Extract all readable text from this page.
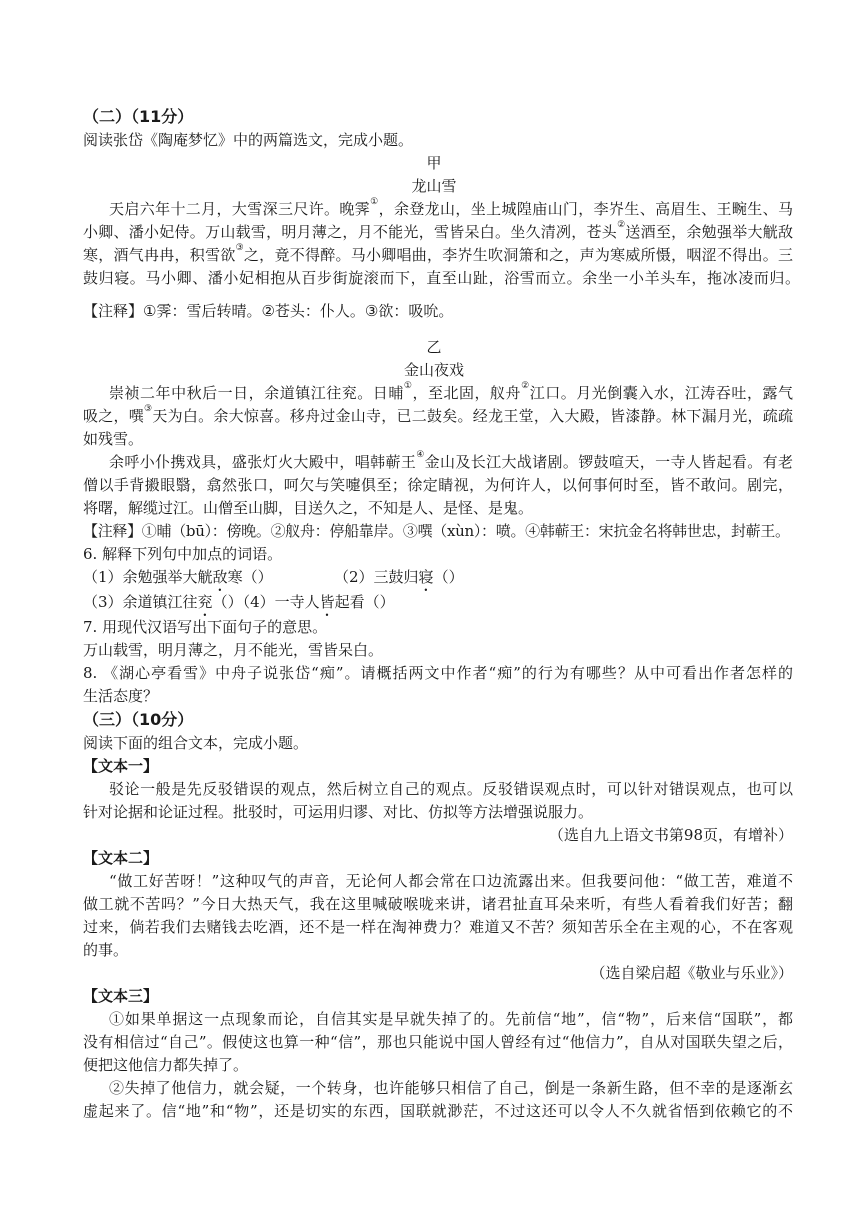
（二）（11分）
阅读张岱《陶庵梦忆》中的两篇选文，完成小题。
甲
龙山雪
天启六年十二月，大雪深三尺许。晚霁①，余登龙山，坐上城隍庙山门，李岕生、高眉生、王畹生、马
小卿、潘小妃侍。万山载雪，明月薄之，月不能光，雪皆呆白。坐久清冽，苍头②送酒至，余勉强举大觥敌
寒，酒气冉冉，积雪欲③之，竟不得醉。马小卿唱曲，李岕生吹洞箫和之，声为寒威所慑，咽涩不得出。三
鼓归寝。马小卿、潘小妃相抱从百步街旋滚而下，直至山趾，浴雪而立。余坐一小羊头车，拖冰凌而归。
【注释】①霁：雪后转晴。②苍头：仆人。③欲：吸吮。
乙
金山夜戏
崇祯二年中秋后一日，余道镇江往兖。日晡①，至北固，舣舟②江口。月光倒囊入水，江涛吞吐，露气
吸之，噀③天为白。余大惊喜。移舟过金山寺，已二鼓矣。经龙王堂，入大殿，皆漆静。林下漏月光，疏疏
如残雪。
余呼小仆携戏具，盛张灯火大殿中，唱韩蕲王④金山及长江大战诸剧。锣鼓喧天，一寺人皆起看。有老
僧以手背摋眼翳，翕然张口，呵欠与笑嚏俱至；徐定睛视，为何许人，以何事何时至，皆不敢问。剧完，
将曙，解缆过江。山僧至山脚，目送久之，不知是人、是怪、是鬼。
【注释】①晡（bū）：傍晚。②舣舟：停船靠岸。③噀（xùn）：喷。④韩蕲王：宋抗金名将韩世忠，封蕲王。
6. 解释下列句中加点的词语。
（1）余勉强举大觥敌寒（）	（2）三鼓归寝（）
（3）余道镇江往兖（）（4）一寺人皆起看（）
7. 用现代汉语写出下面句子的意思。
万山载雪，明月薄之，月不能光，雪皆呆白。
8. 《湖心亭看雪》中舟子说张岱“痴”。请概括两文中作者“痴”的行为有哪些？从中可看出作者怎样的
生活态度？
（三）（10分）
阅读下面的组合文本，完成小题。
【文本一】
驳论一般是先反驳错误的观点，然后树立自己的观点。反驳错误观点时，可以针对错误观点，也可以
针对论据和论证过程。批驳时，可运用归谬、对比、仿拟等方法增强说服力。
（选自九上语文书第98页，有增补）
【文本二】
“做工好苦呀！”这种叹气的声音，无论何人都会常在口边流露出来。但我要问他：“做工苦，难道不
做工就不苦吗？”今日大热天气，我在这里喊破喉咙来讲，诸君扯直耳朵来听，有些人看着我们好苦；翻
过来，倘若我们去赌钱去吃酒，还不是一样在淘神费力？难道又不苦？须知苦乐全在主观的心，不在客观
的事。
（选自梁启超《敬业与乐业》）
【文本三】
①如果单据这一点现象而论，自信其实是早就失掉了的。先前信“地”，信“物”，后来信“国联”，都
没有相信过“自己”。假使这也算一种“信”，那也只能说中国人曾经有过“他信力”，自从对国联失望之后，
便把这他信力都失掉了。
②失掉了他信力，就会疑，一个转身，也许能够只相信了自己，倒是一条新生路，但不幸的是逐渐玄
虚起来了。信“地”和“物”，还是切实的东西，国联就渺茫，不过这还可以令人不久就省悟到依赖它的不
